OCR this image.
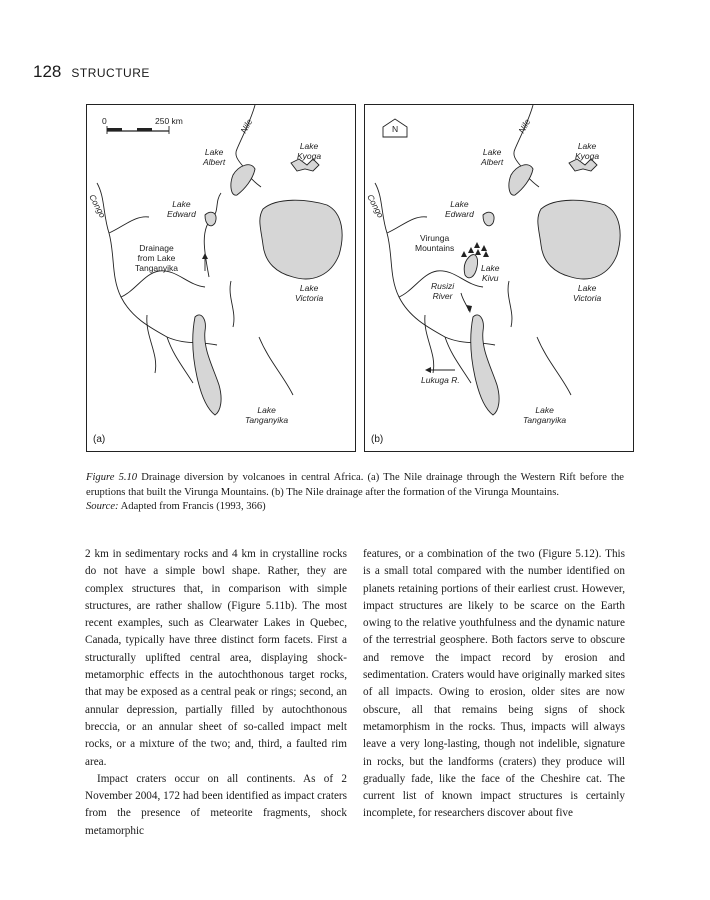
128 STRUCTURE
0	250 km	Nile
Congo
Lake
Albert
Lake
Kyoga
Lake
Edward
Drainage
from Lake
Tanganyika
Lake
Victoria
Lake
Tanganyika
(a)
N	Nile
Congo
Lake
Albert
Lake
Kyoga
Lake
Edward
Virunga
Mountains
Lake
Kivu
Rusizi
River
Lake
Victoria
Lukuga R.
Lake
Tanganyika
(b)
Figure 5.10 Drainage diversion by volcanoes in central Africa. (a) The Nile drainage through the Western Rift before the eruptions that built the Virunga Mountains. (b) The Nile drainage after the formation of the Virunga Mountains.
Source: Adapted from Francis (1993, 366)

2 km in sedimentary rocks and 4 km in crystalline rocks do not have a simple bowl shape. Rather, they are complex structures that, in comparison with simple structures, are rather shallow (Figure 5.11b). The most recent examples, such as Clearwater Lakes in Quebec, Canada, typically have three distinct form facets. First a structurally uplifted central area, displaying shock-metamorphic effects in the autochthonous target rocks, that may be exposed as a central peak or rings; second, an annular depression, partially filled by autochthonous breccia, or an annular sheet of so-called impact melt rocks, or a mixture of the two; and, third, a faulted rim area.

Impact craters occur on all continents. As of 2 November 2004, 172 had been identified as impact craters from the presence of meteorite fragments, shock metamorphic

features, or a combination of the two (Figure 5.12). This is a small total compared with the number identified on planets retaining portions of their earliest crust. However, impact structures are likely to be scarce on the Earth owing to the relative youthfulness and the dynamic nature of the terrestrial geosphere. Both factors serve to obscure and remove the impact record by erosion and sedimentation. Craters would have originally marked sites of all impacts. Owing to erosion, older sites are now obscure, all that remains being signs of shock metamorphism in the rocks. Thus, impacts will always leave a very long-lasting, though not indelible, signature in rocks, but the landforms (craters) they produce will gradually fade, like the face of the Cheshire cat. The current list of known impact structures is certainly incomplete, for researchers discover about five
